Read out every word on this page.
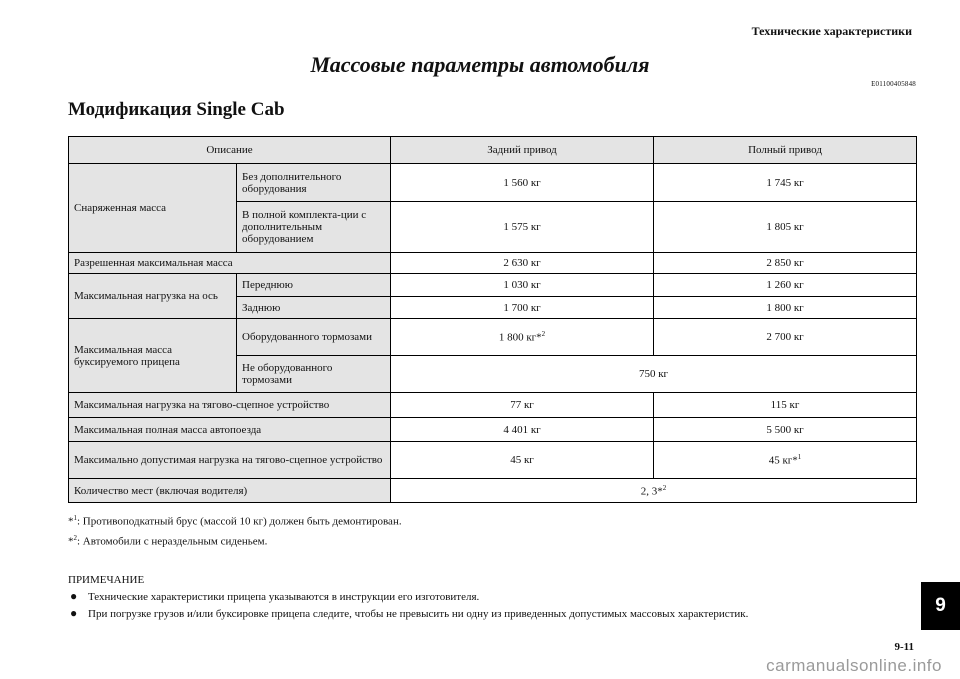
Технические характеристики
Массовые параметры автомобиля
E01100405848
Модификация Single Cab
Описание		Задний привод	Полный привод
Снаряженная масса	Без дополнительного оборудования	1 560 кг	1 745 кг
	В полной комплекта-ции с дополнительным оборудованием	1 575 кг	1 805 кг
Разрешенная максимальная масса		2 630 кг	2 850 кг
Максимальная нагрузка на ось	Переднюю	1 030 кг	1 260 кг
	Заднюю	1 700 кг	1 800 кг
Максимальная масса буксируемого прицепа	Оборудованного тормозами	1 800 кг*$^2$	2 700 кг
	Не оборудованного тормозами	750 кг	
Максимальная нагрузка на тягово-сцепное устройство		77 кг	115 кг
Максимальная полная масса автопоезда		4 401 кг	5 500 кг
Максимально допустимая нагрузка на тягово-сцепное устройство		45 кг	45 кг*$^1$
Количество мест (включая водителя)		2, 3*$^2$
*$^1$: Противоподкатный брус (массой 10 кг) должен быть демонтирован.
*$^2$: Автомобили с нераздельным сиденьем.
ПРИМЕЧАНИЕ
● Технические характеристики прицепа указываются в инструкции его изготовителя.
● При погрузке грузов и/или буксировке прицепа следите, чтобы не превысить ни одну из приведенных допустимых массовых характеристик.	9
9-11
carmanualsonline.info
